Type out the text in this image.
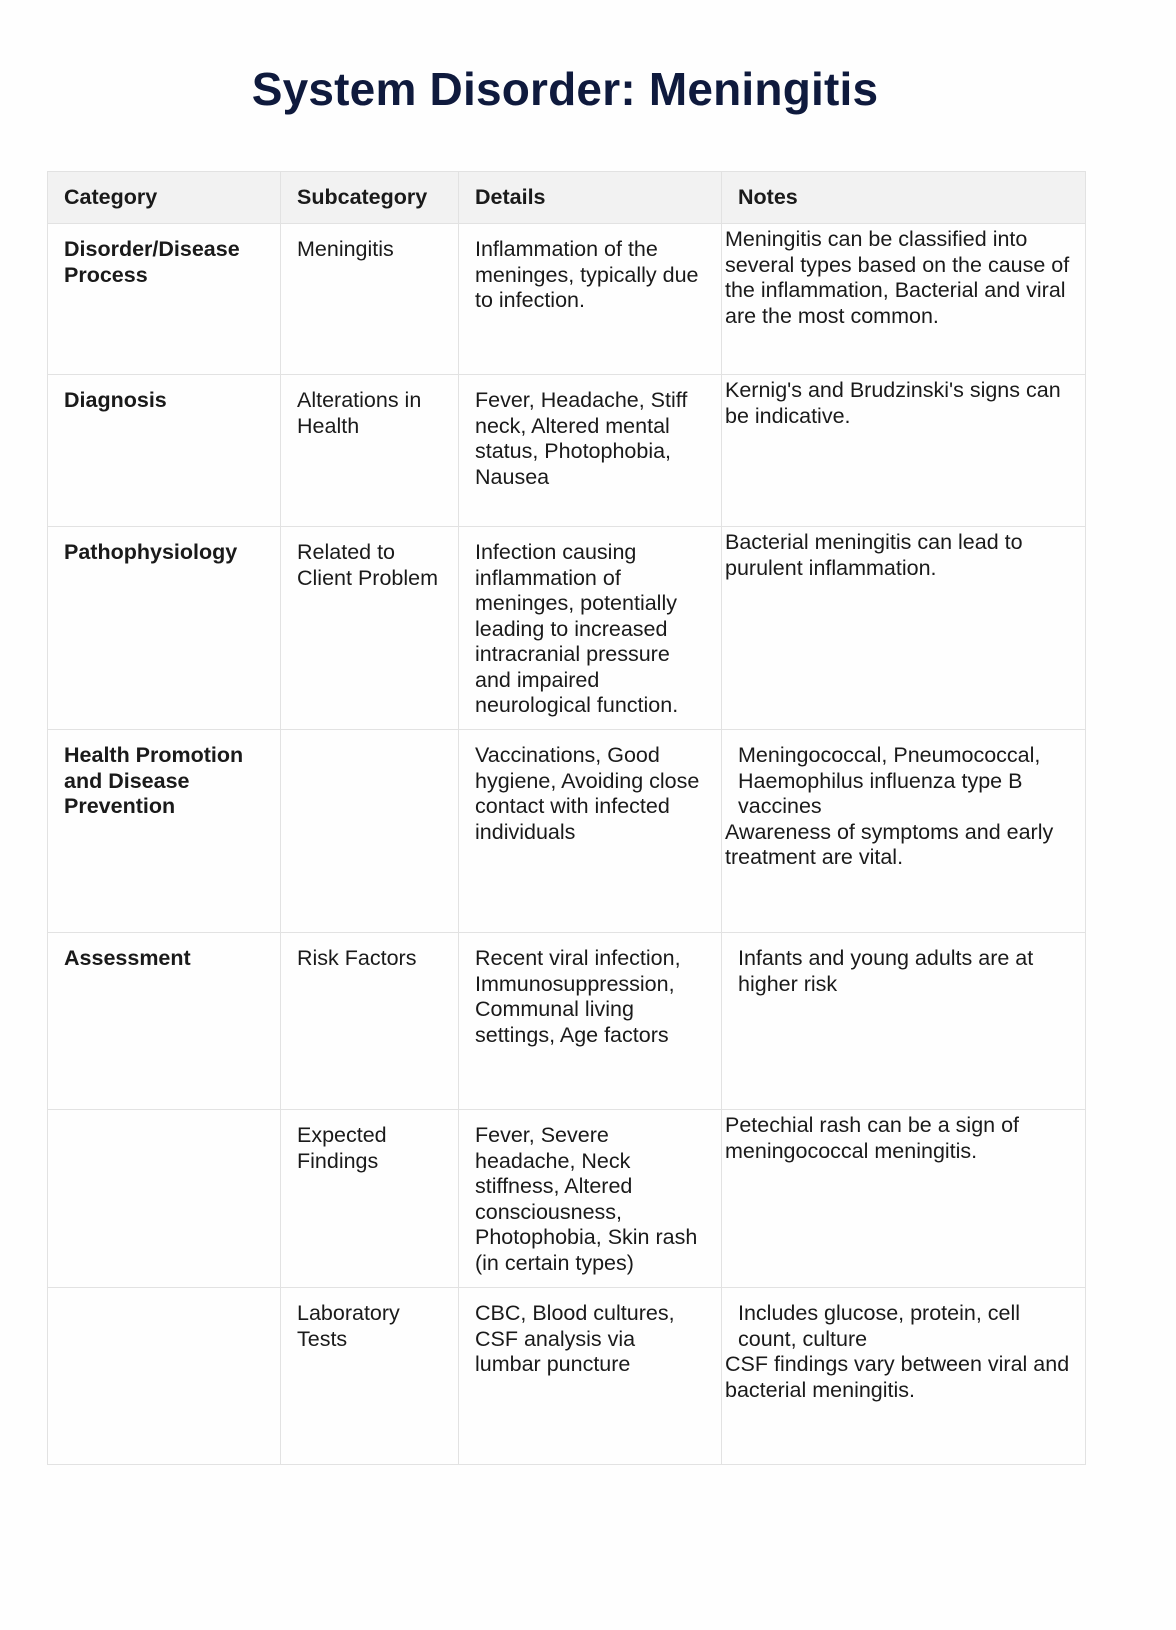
System Disorder: Meningitis
Category	Subcategory	Details	Notes
Disorder/Disease Process	Meningitis	Inflammation of the meninges, typically due to infection.	Meningitis can be classified into several types based on the cause of the inflammation, Bacterial and viral are the most common.

Diagnosis	Alterations in Health	Fever, Headache, Stiff neck, Altered mental status, Photophobia, Nausea	Kernig's and Brudzinski's signs can be indicative.

Pathophysiology	Related to Client Problem	Infection causing inflammation of meninges, potentially leading to increased intracranial pressure and impaired neurological function.	Bacterial meningitis can lead to purulent inflammation.

Health Promotion and Disease Prevention		Vaccinations, Good hygiene, Avoiding close contact with infected individuals	Meningococcal, Pneumococcal, Haemophilus influenza type B vaccines
Awareness of symptoms and early treatment are vital.

Assessment	Risk Factors	Recent viral infection, Immunosuppression, Communal living settings, Age factors	Infants and young adults are at higher risk

	Expected Findings	Fever, Severe headache, Neck stiffness, Altered consciousness, Photophobia, Skin rash (in certain types)	Petechial rash can be a sign of meningococcal meningitis.

	Laboratory Tests	CBC, Blood cultures, CSF analysis via lumbar puncture	Includes glucose, protein, cell count, culture
CSF findings vary between viral and bacterial meningitis.
